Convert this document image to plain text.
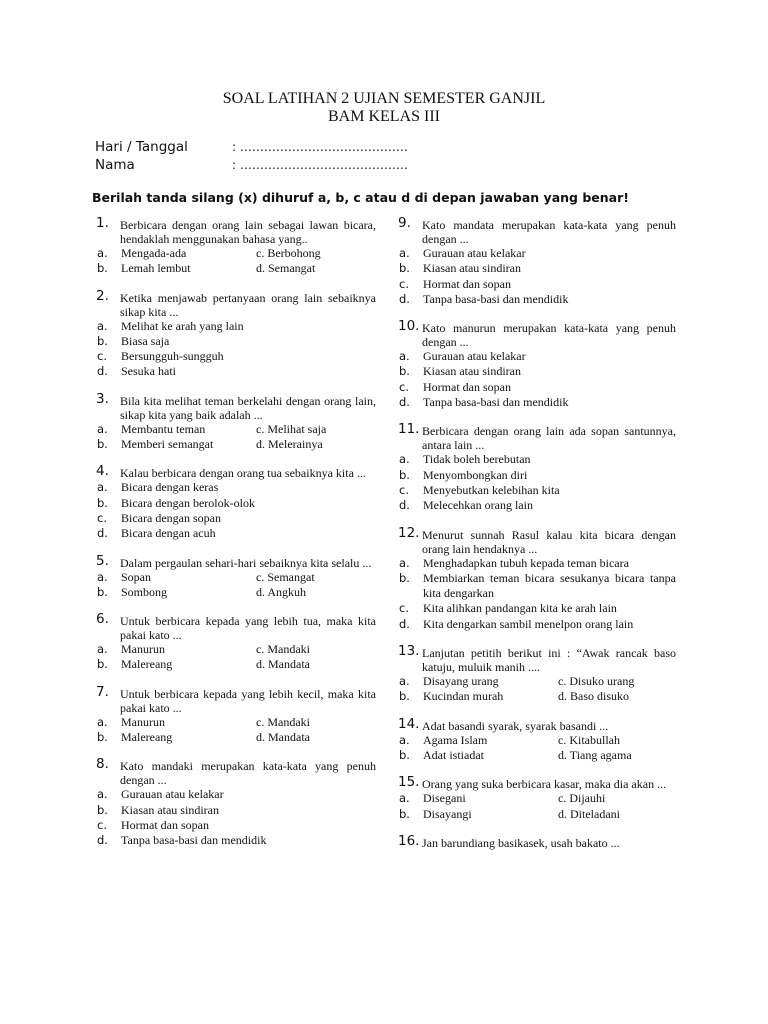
SOAL LATIHAN 2 UJIAN SEMESTER GANJIL
BAM KELAS III
Hari / Tanggal	: ……………………………………
Nama	: ……………………………………
Berilah tanda silang (x) dihuruf a, b, c atau d di depan jawaban yang benar!
1. Berbicara dengan orang lain sebagai lawan bicara, hendaklah menggunakan bahasa yang..
a.	Mengada-ada	c. Berbohong
b.	Lemah lembut	d. Semangat
2. Ketika menjawab pertanyaan orang lain sebaiknya sikap kita ...
a.	Melihat ke arah yang lain
b.	Biasa saja
c.	Bersungguh-sungguh
d.	Sesuka hati
3. Bila kita melihat teman berkelahi dengan orang lain, sikap kita yang baik adalah ...
a.	Membantu teman	c. Melihat saja
b.	Memberi semangat	d. Melerainya
4. Kalau berbicara dengan orang tua sebaiknya kita ...
a.	Bicara dengan keras
b.	Bicara dengan berolok-olok
c.	Bicara dengan sopan
d.	Bicara dengan acuh
5. Dalam pergaulan sehari-hari sebaiknya kita selalu ...
a.	Sopan	c. Semangat
b.	Sombong	d. Angkuh
6. Untuk berbicara kepada yang lebih tua, maka kita pakai kato ...
a.	Manurun	c. Mandaki
b.	Malereang	d. Mandata
7. Untuk berbicara kepada yang lebih kecil, maka kita pakai kato ...
a.	Manurun	c. Mandaki
b.	Malereang	d. Mandata
8. Kato mandaki merupakan kata-kata yang penuh dengan ...
a.	Gurauan atau kelakar
b.	Kiasan atau sindiran
c.	Hormat dan sopan
d.	Tanpa basa-basi dan mendidik
9. Kato mandata merupakan kata-kata yang penuh dengan ...
a.	Gurauan atau kelakar
b.	Kiasan atau sindiran
c.	Hormat dan sopan
d.	Tanpa basa-basi dan mendidik
10. Kato manurun merupakan kata-kata yang penuh dengan ...
a.	Gurauan atau kelakar
b.	Kiasan atau sindiran
c.	Hormat dan sopan
d.	Tanpa basa-basi dan mendidik
11. Berbicara dengan orang lain ada sopan santunnya, antara lain ...
a.	Tidak boleh berebutan
b.	Menyombongkan diri
c.	Menyebutkan kelebihan kita
d.	Melecehkan orang lain
12. Menurut sunnah Rasul kalau kita bicara dengan orang lain hendaknya ...
a.	Menghadapkan tubuh kepada teman bicara
b.	Membiarkan teman bicara sesukanya bicara tanpa kita dengarkan
c.	Kita alihkan pandangan kita ke arah lain
d.	Kita dengarkan sambil menelpon orang lain
13. Lanjutan petitih berikut ini : “Awak rancak baso katuju, muluik manih ....
a.	Disayang urang	c. Disuko urang
b.	Kucindan murah	d. Baso disuko
14. Adat basandi syarak, syarak basandi ...
a.	Agama Islam	c. Kitabullah
b.	Adat istiadat	d. Tiang agama
15. Orang yang suka berbicara kasar, maka dia akan ...
a.	Disegani	c. Dijauhi
b.	Disayangi	d. Diteladani
16. Jan barundiang basikasek, usah bakato ...
